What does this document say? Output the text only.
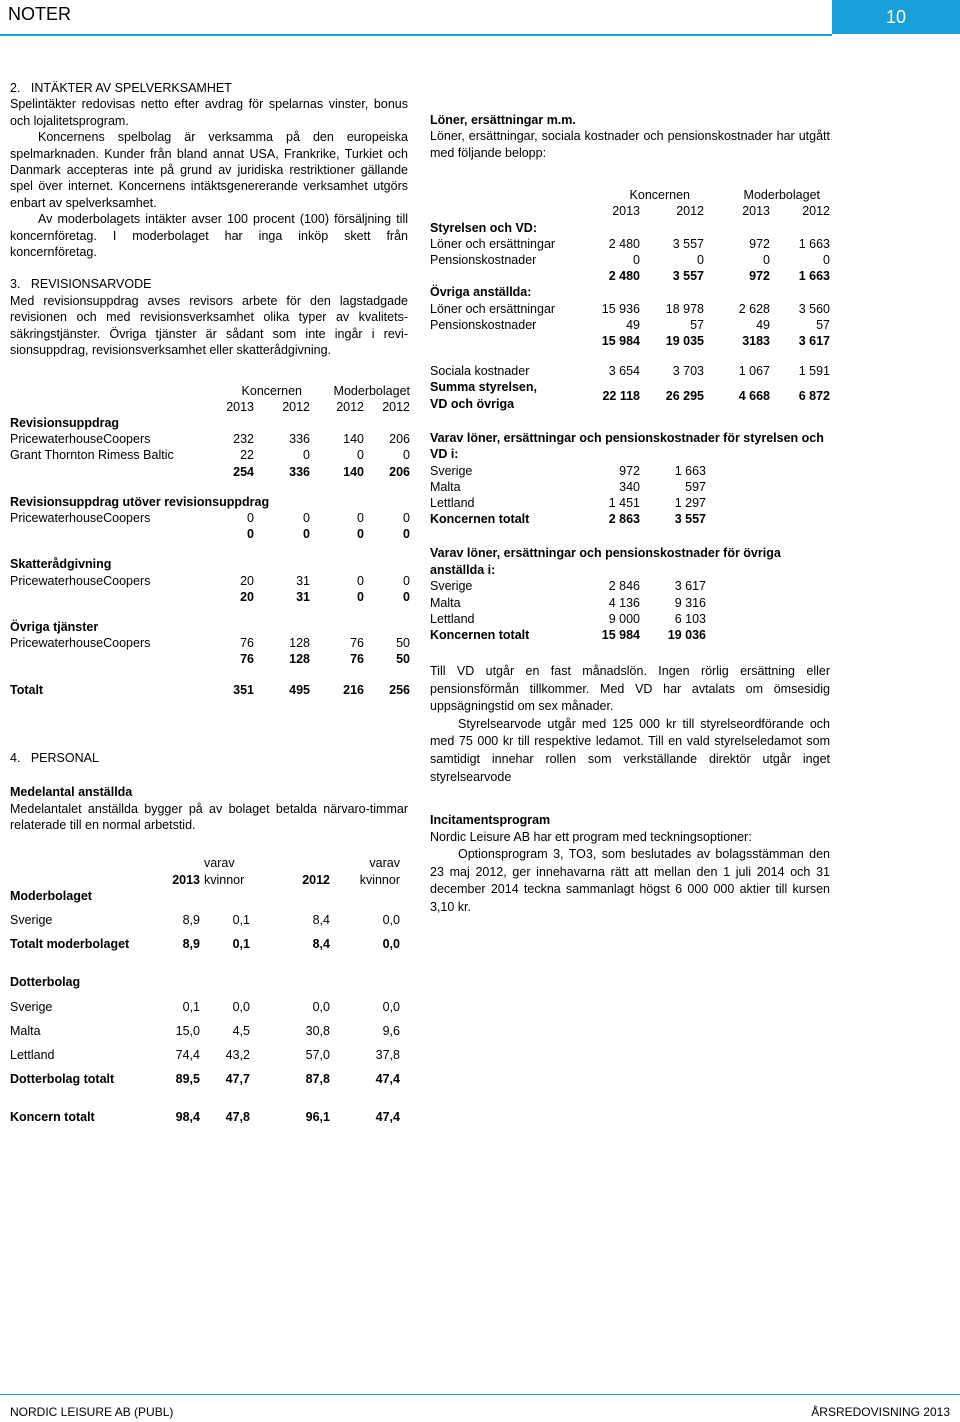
NOTER	10
NORDIC LEISURE AB (PUBL)	ÅRSREDOVISNING 2013

2.   INTÄKTER AV SPELVERKSAMHET

Spelintäkter redovisas netto efter avdrag för spelarnas vinster, bonus och lojalitetsprogram.

Koncernens spelbolag är verksamma på den europeiska spelmarknaden. Kunder från bland annat USA, Frankrike, Turkiet och Danmark accepteras inte på grund av juridiska restriktioner gällande spel över internet. Koncernens intäktsgenererande verksamhet utgörs enbart av spelverksamhet.

Av moderbolagets intäkter avser 100 procent (100) försäljning till koncernföretag. I moderbolaget har inga inköp skett från koncernföretag.

3.   REVISIONSARVODE

Med revisionsuppdrag avses revisors arbete för den lagstadgade revisionen och med revisionsverksamhet olika typer av kvalitets-säkringstjänster. Övriga tjänster är sådant som inte ingår i revi-sionsuppdrag, revisionsverksamhet eller skatterådgivning.

	Koncernen		Moderbolaget	
	2013	2012	2012	2012
Revisionsuppdrag				
PricewaterhouseCoopers	232	336	140	206
Grant Thornton Rimess Baltic	22	0	0	0
	254	336	140	206

Revisionsuppdrag utöver revisionsuppdrag				
PricewaterhouseCoopers	0	0	0	0
	0	0	0	0

Skatterådgivning				
PricewaterhouseCoopers	20	31	0	0
	20	31	0	0

Övriga tjänster				
PricewaterhouseCoopers	76	128	76	50
	76	128	76	50

Totalt	351	495	216	256

4.   PERSONAL

Medelantal anställda

Medelantalet anställda bygger på av bolaget betalda närvaro-timmar relaterade till en normal arbetstid.

		varav		varav
	2013	kvinnor	2012	kvinnor
Moderbolaget				

Sverige	8,9	0,1	8,4	0,0

Totalt moderbolaget	8,9	0,1	8,4	0,0

Dotterbolag				

Sverige	0,1	0,0	0,0	0,0

Malta	15,0	4,5	30,8	9,6

Lettland	74,4	43,2	57,0	37,8

Dotterbolag totalt	89,5	47,7	87,8	47,4

Koncern totalt	98,4	47,8	96,1	47,4

Löner, ersättningar m.m.

Löner, ersättningar, sociala kostnader och pensionskostnader har utgått med följande belopp:

	Koncernen		Moderbolaget	
	2013	2012	2013	2012
Styrelsen och VD:				
Löner och ersättningar	2 480	3 557	972	1 663
Pensionskostnader	0	0	0	0
	2 480	3 557	972	1 663
Övriga anställda:				
Löner och ersättningar	15 936	18 978	2 628	3 560
Pensionskostnader	49	57	49	57
	15 984	19 035	3183	3 617

Sociala kostnader	3 654	3 703	1 067	1 591

Summa styrelsen,
VD och övriga	22 118	26 295	4 668	6 872

Varav löner, ersättningar och pensionskostnader för styrelsen och VD i:

Sverige	972	1 663
Malta	340	597
Lettland	1 451	1 297
Koncernen totalt	2 863	3 557

Varav löner, ersättningar och pensionskostnader för övriga anställda i:

Sverige	2 846	3 617
Malta	4 136	9 316
Lettland	9 000	6 103
Koncernen totalt	15 984	19 036

Till VD utgår en fast månadslön. Ingen rörlig ersättning eller pensionsförmån tillkommer. Med VD har avtalats om ömsesidig uppsägningstid om sex månader.

Styrelsearvode utgår med 125 000 kr till styrelseordförande och med 75 000 kr till respektive ledamot. Till en vald styrelseledamot som samtidigt innehar rollen som verkställande direktör utgår inget styrelsearvode

Incitamentsprogram

Nordic Leisure AB har ett program med teckningsoptioner:

Optionsprogram 3, TO3, som beslutades av bolagsstämman den 23 maj 2012, ger innehavarna rätt att mellan den 1 juli 2014 och 31 december 2014 teckna sammanlagt högst 6 000 000 aktier till kursen 3,10 kr.
